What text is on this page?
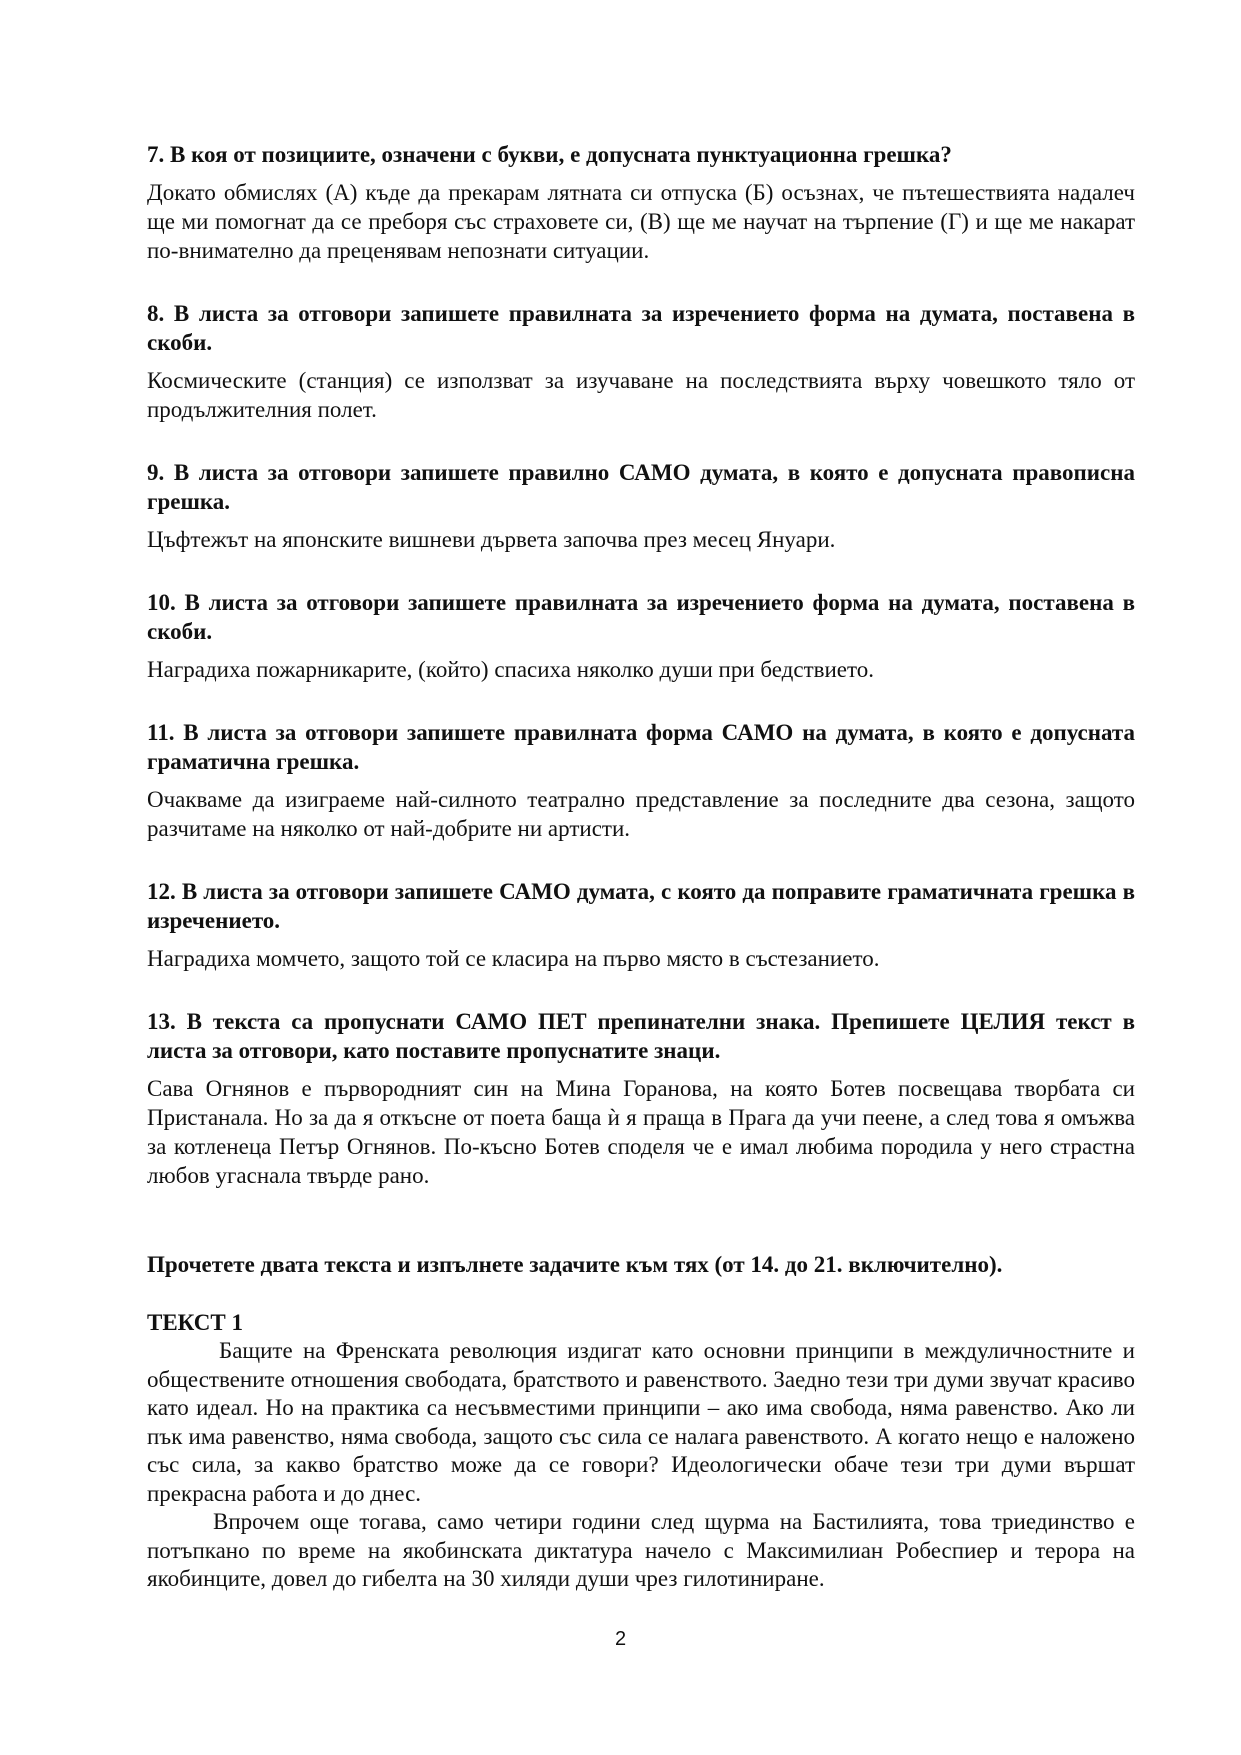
7. В коя от позициите, означени с букви, е допусната пунктуационна грешка?

Докато обмислях (А) къде да прекарам лятната си отпуска (Б) осъзнах, че пътешествията надалеч ще ми помогнат да се преборя със страховете си, (В) ще ме научат на търпение (Г) и ще ме накарат по-внимателно да преценявам непознати ситуации.

8. В листа за отговори запишете правилната за изречението форма на думата, поставена в скоби.

Космическите (станция) се използват за изучаване на последствията върху човешкото тяло от продължителния полет.

9. В листа за отговори запишете правилно САМО думата, в която е допусната правописна грешка.

Цъфтежът на японските вишневи дървета започва през месец Януари.

10. В листа за отговори запишете правилната за изречението форма на думата, поставена в скоби.

Наградиха пожарникарите, (който) спасиха няколко души при бедствието.

11. В листа за отговори запишете правилната форма САМО на думата, в която е допусната граматична грешка.

Очакваме да изиграеме най-силното театрално представление за последните два сезона, защото разчитаме на няколко от най-добрите ни артисти.

12. В листа за отговори запишете САМО думата, с която да поправите граматичната грешка в изречението.

Наградиха момчето, защото той се класира на първо място в състезанието.

13. В текста са пропуснати САМО ПЕТ препинателни знака. Препишете ЦЕЛИЯ текст в листа за отговори, като поставите пропуснатите знаци.

Сава Огнянов е първородният син на Мина Горанова, на която Ботев посвещава творбата си Пристанала. Но за да я откъсне от поета баща ѝ я праща в Прага да учи пеене, а след това я омъжва за котленеца Петър Огнянов. По-късно Ботев споделя че е имал любима породила у него страстна любов угаснала твърде рано.

Прочетете двата текста и изпълнете задачите към тях (от 14. до 21. включително).

ТЕКСТ 1

Бащите на Френската революция издигат като основни принципи в междуличностните и обществените отношения свободата, братството и равенството. Заедно тези три думи звучат красиво като идеал. Но на практика са несъвместими принципи – ако има свобода, няма равенство. Ако ли пък има равенство, няма свобода, защото със сила се налага равенството. А когато нещо е наложено със сила, за какво братство може да се говори? Идеологически обаче тези три думи вършат прекрасна работа и до днес.

Впрочем още тогава, само четири години след щурма на Бастилията, това триединство е потъпкано по време на якобинската диктатура начело с Максимилиан Робеспиер и терора на якобинците, довел до гибелта на 30 хиляди души чрез гилотиниране.

2
